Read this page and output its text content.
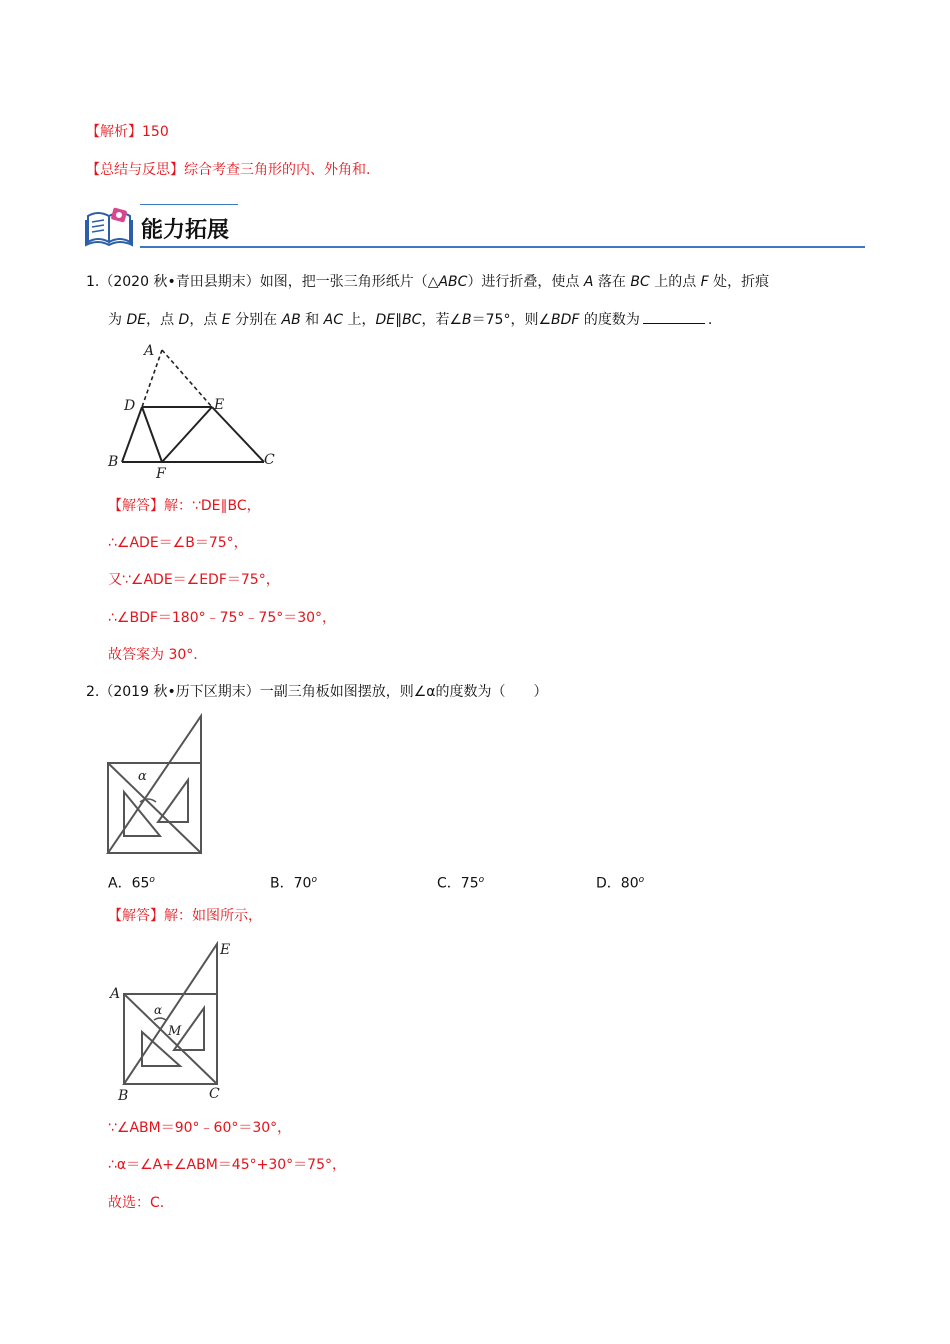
【解析】150
【总结与反思】综合考查三角形的内、外角和.
能力拓展
1.（2020 秋•青田县期末）如图，把一张三角形纸片（△ABC）进行折叠，使点 A 落在 BC 上的点 F 处，折痕
为 DE，点 D，点 E 分别在 AB 和 AC 上，DE∥BC，若∠B＝75°，则∠BDF 的度数为	.
A
D	E
B	C
F
【解答】解：∵DE∥BC，
∴∠ADE＝∠B＝75°，
又∵∠ADE＝∠EDF＝75°，
∴∠BDF＝180°﹣75°﹣75°＝30°，
故答案为 30°.
2.（2019 秋•历下区期末）一副三角板如图摆放，则∠α的度数为（　　）
α
A．65$^o$	B．70$^o$	C．75$^o$	D．80$^o$
【解答】解：如图所示，
E
A
α
M
B	C
∵∠ABM＝90°﹣60°＝30°，
∴α＝∠A+∠ABM＝45°+30°＝75°，
故选：C.
